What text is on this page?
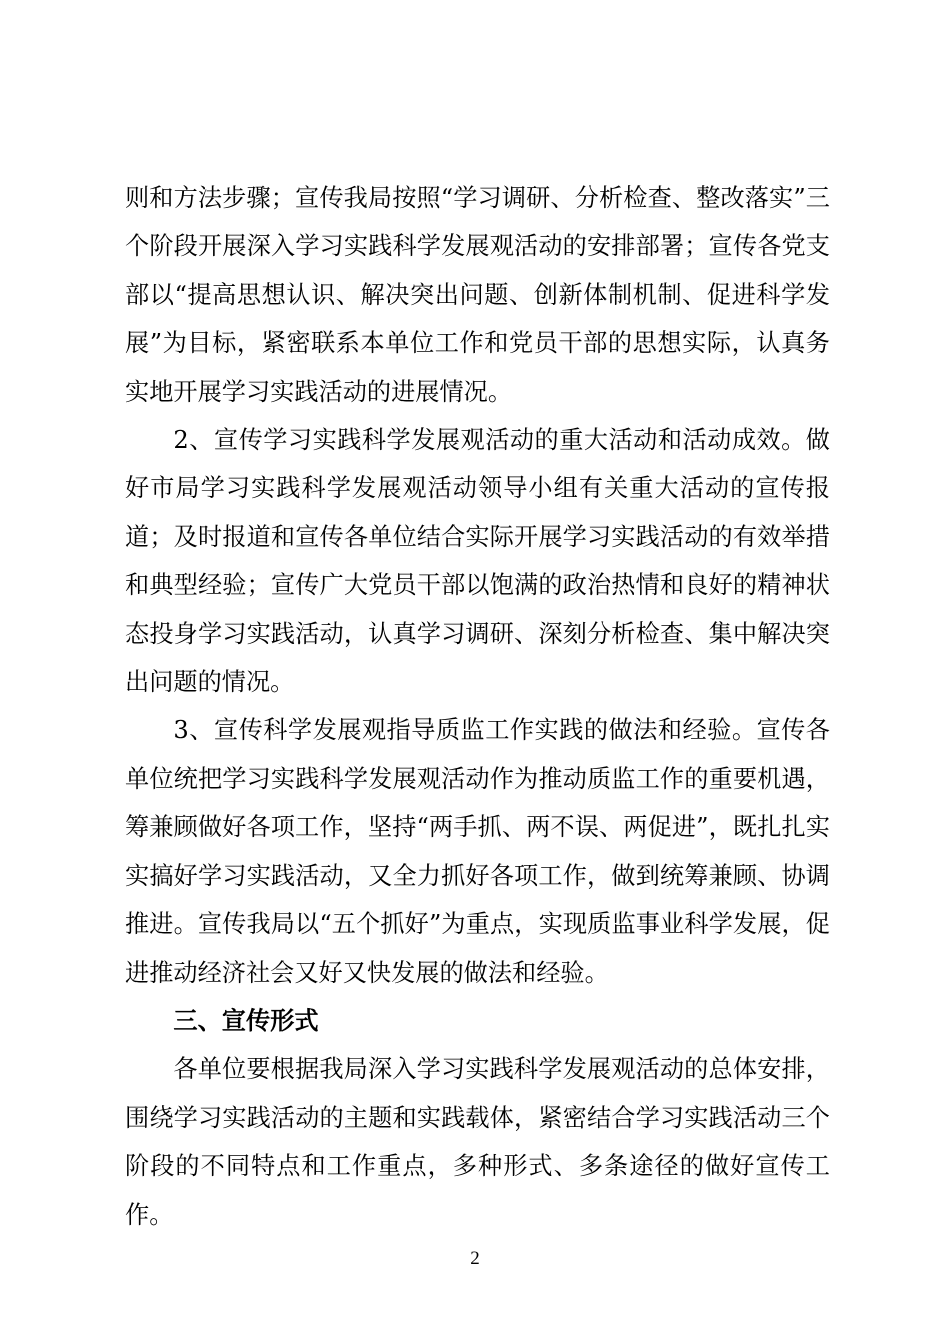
则和方法步骤；宣传我局按照“学习调研、分析检查、整改落实”三个阶段开展深入学习实践科学发展观活动的安排部署；宣传各党支部以“提高思想认识、解决突出问题、创新体制机制、促进科学发展”为目标，紧密联系本单位工作和党员干部的思想实际，认真务实地开展学习实践活动的进展情况。

2、宣传学习实践科学发展观活动的重大活动和活动成效。做好市局学习实践科学发展观活动领导小组有关重大活动的宣传报道；及时报道和宣传各单位结合实际开展学习实践活动的有效举措和典型经验；宣传广大党员干部以饱满的政治热情和良好的精神状态投身学习实践活动，认真学习调研、深刻分析检查、集中解决突出问题的情况。

3、宣传科学发展观指导质监工作实践的做法和经验。宣传各单位统把学习实践科学发展观活动作为推动质监工作的重要机遇，筹兼顾做好各项工作，坚持“两手抓、两不误、两促进”，既扎扎实实搞好学习实践活动，又全力抓好各项工作，做到统筹兼顾、协调推进。宣传我局以“五个抓好”为重点，实现质监事业科学发展，促进推动经济社会又好又快发展的做法和经验。

三、宣传形式

各单位要根据我局深入学习实践科学发展观活动的总体安排，围绕学习实践活动的主题和实践载体，紧密结合学习实践活动三个阶段的不同特点和工作重点，多种形式、多条途径的做好宣传工作。

2
